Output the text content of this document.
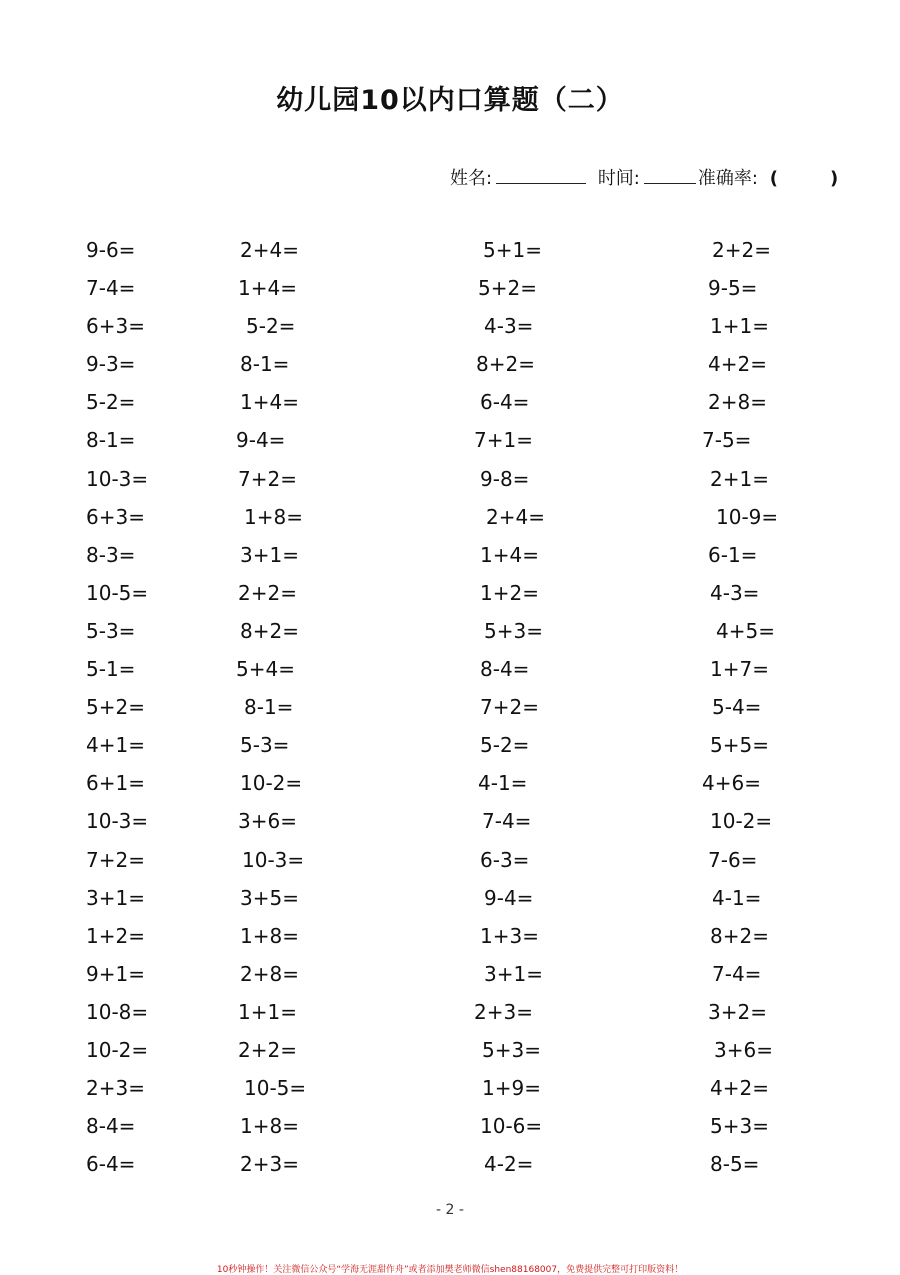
幼儿园10以内口算题（二）
姓名:	时间:	准确率: (	)
9-6=	2+4=	5+1=	2+2=
7-4=	1+4=	5+2=	9-5=
6+3=	5-2=	4-3=	1+1=
9-3=	8-1=	8+2=	4+2=
5-2=	1+4=	6-4=	2+8=
8-1=	9-4=	7+1=	7-5=
10-3=	7+2=	9-8=	2+1=
6+3=	1+8=	2+4=	10-9=
8-3=	3+1=	1+4=	6-1=
10-5=	2+2=	1+2=	4-3=
5-3=	8+2=	5+3=	4+5=
5-1=	5+4=	8-4=	1+7=
5+2=	8-1=	7+2=	5-4=
4+1=	5-3=	5-2=	5+5=
6+1=	10-2=	4-1=	4+6=
10-3=	3+6=	7-4=	10-2=
7+2=	10-3=	6-3=	7-6=
3+1=	3+5=	9-4=	4-1=
1+2=	1+8=	1+3=	8+2=
9+1=	2+8=	3+1=	7-4=
10-8=	1+1=	2+3=	3+2=
10-2=	2+2=	5+3=	3+6=
2+3=	10-5=	1+9=	4+2=
8-4=	1+8=	10-6=	5+3=
6-4=	2+3=	4-2=	8-5=
- 2 -
10秒钟操作！关注微信公众号“学海无涯甜作舟”或者添加樊老师微信shen88168007，免费提供完整可打印版资料！
